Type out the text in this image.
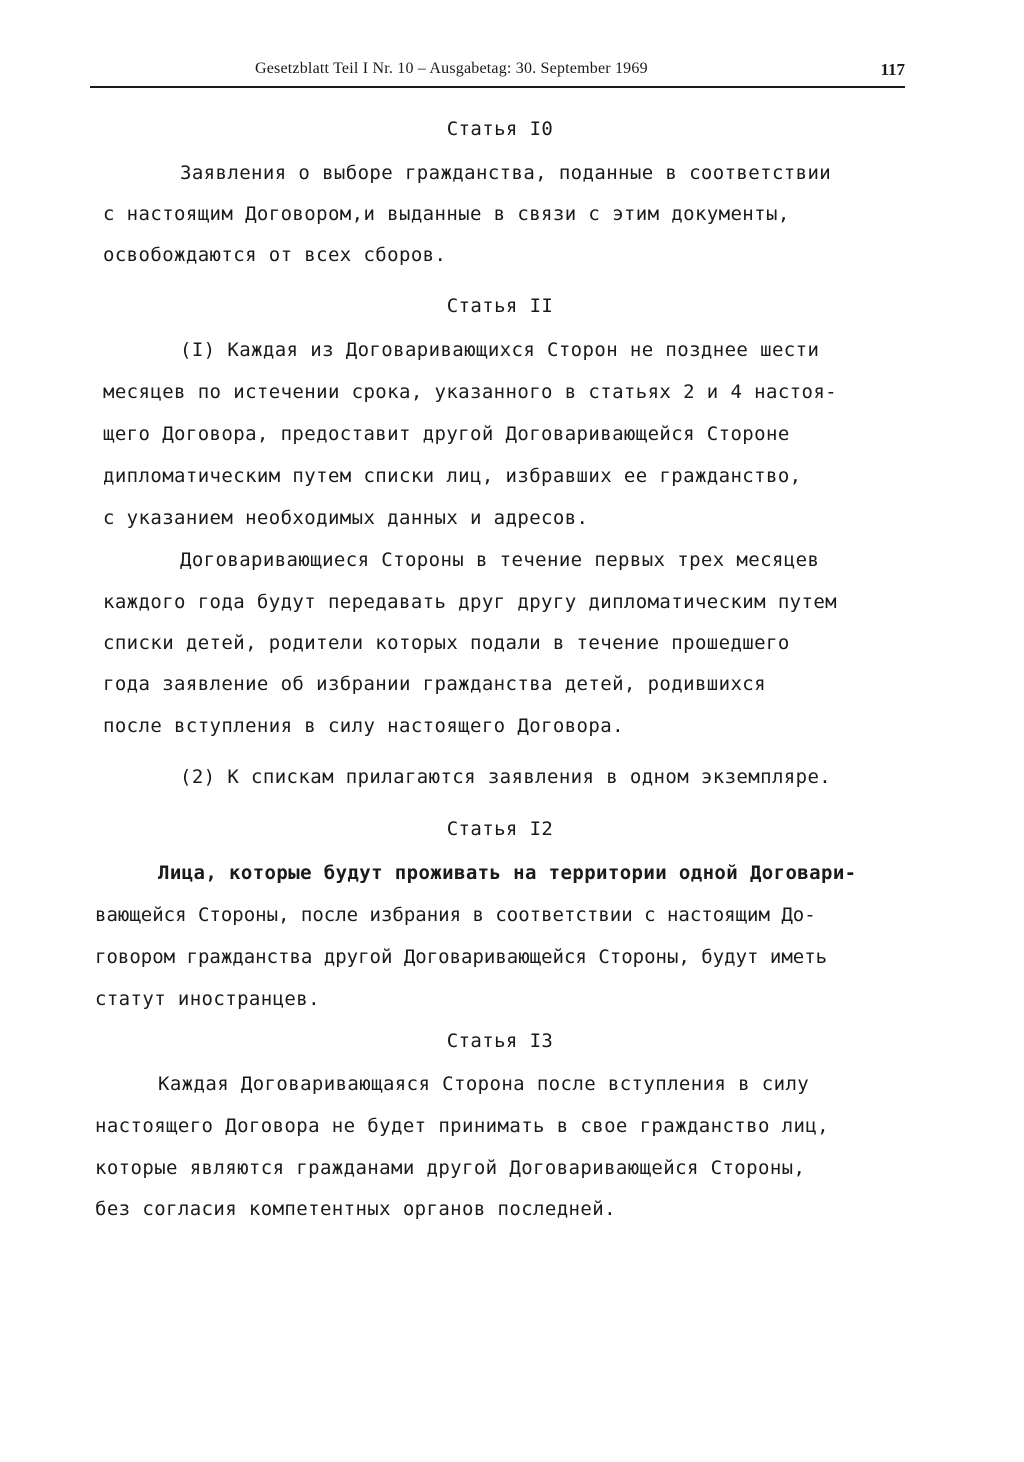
Gesetzblatt Teil I Nr. 10 – Ausgabetag: 30. September 1969	117
Статья I0
Заявления о выборе гражданства, поданные в соответствии
с настоящим Договором,и выданные в связи с этим документы,
освобождаются от всех сборов.
Статья II
(I) Каждая из Договаривающихся Сторон не позднее шести
месяцев по истечении срока, указанного в статьях 2 и 4 настоя-
щего Договора, предоставит другой Договаривающейся Стороне
дипломатическим путем списки лиц, избравших ее гражданство,
с указанием необходимых данных и адресов.
Договаривающиеся Стороны в течение первых трех месяцев
каждого года будут передавать друг другу дипломатическим путем
списки детей, родители которых подали в течение прошедшего
года заявление об избрании гражданства детей, родившихся
после вступления в силу настоящего Договора.
(2) К спискам прилагаются заявления в одном экземпляре.
Статья I2
Лица, которые будут проживать на территории одной Договари-
вающейся Стороны, после избрания в соответствии с настоящим До-
говором гражданства другой Договаривающейся Стороны, будут иметь
статут иностранцев.
Статья I3
Каждая Договаривающаяся Сторона после вступления в силу
настоящего Договора не будет принимать в свое гражданство лиц,
которые являются гражданами другой Договаривающейся Стороны,
без согласия компетентных органов последней.
